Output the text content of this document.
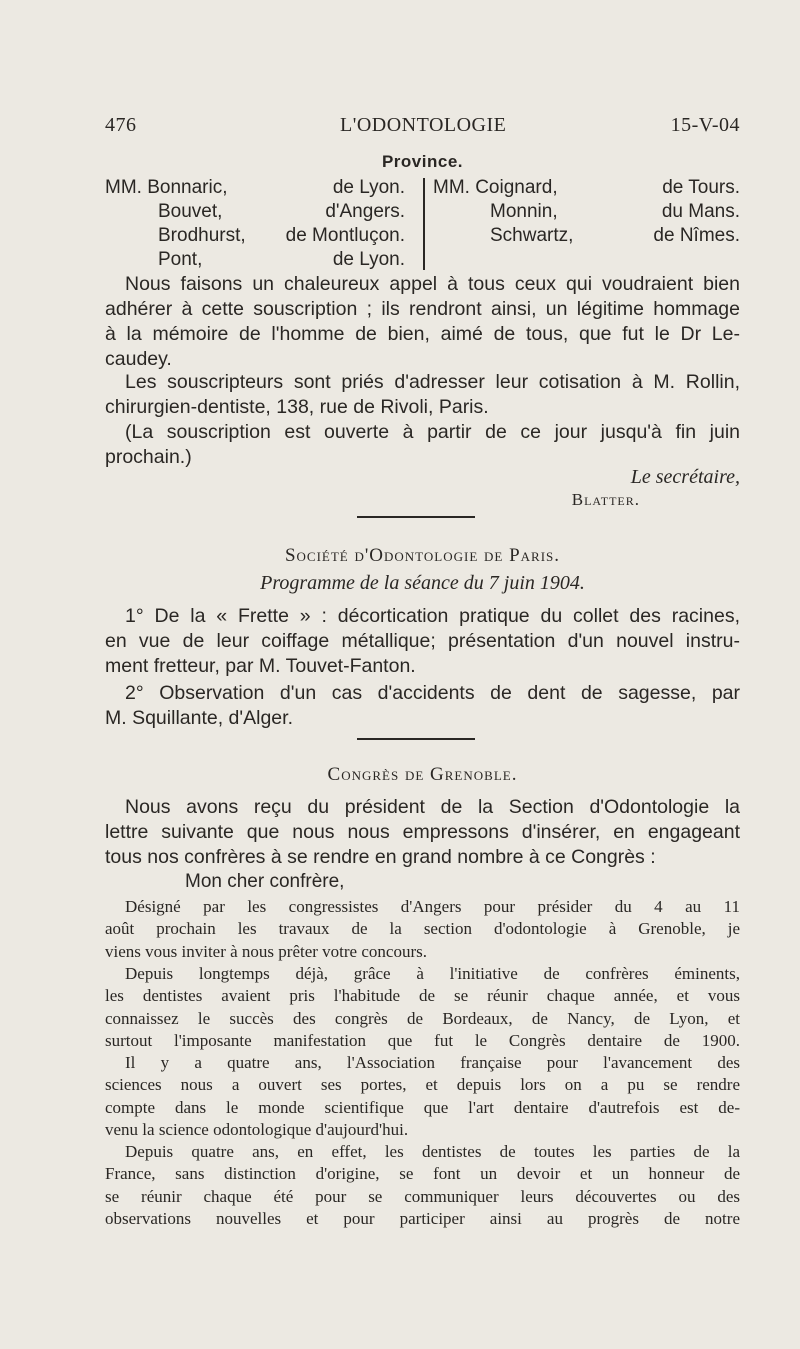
476	L'ODONTOLOGIE	15-V-04
Province.
MM. Bonnaric,	de Lyon.
Bouvet,	d'Angers.
Brodhurst,	de Montluçon.
Pont,	de Lyon.
MM. Coignard,	de Tours.
Monnin,	du Mans.
Schwartz,	de Nîmes.
Nous faisons un chaleureux appel à tous ceux qui voudraient bien
adhérer à cette souscription ; ils rendront ainsi, un légitime hommage
à la mémoire de l'homme de bien, aimé de tous, que fut le Dr Le-
caudey.
Les souscripteurs sont priés d'adresser leur cotisation à M. Rollin,
chirurgien-dentiste, 138, rue de Rivoli, Paris.
(La souscription est ouverte à partir de ce jour jusqu'à fin juin
prochain.)
Le secrétaire,
Blatter.
Société d'Odontologie de Paris.
Programme de la séance du 7 juin 1904.
1° De la « Frette » : décortication pratique du collet des racines,
en vue de leur coiffage métallique; présentation d'un nouvel instru-
ment fretteur, par M. Touvet-Fanton.
2° Observation d'un cas d'accidents de dent de sagesse, par
M. Squillante, d'Alger.
Congrès de Grenoble.
Nous avons reçu du président de la Section d'Odontologie la
lettre suivante que nous nous empressons d'insérer, en engageant
tous nos confrères à se rendre en grand nombre à ce Congrès :
Mon cher confrère,
Désigné par les congressistes d'Angers pour présider du 4 au 11
août prochain les travaux de la section d'odontologie à Grenoble, je
viens vous inviter à nous prêter votre concours.
Depuis longtemps déjà, grâce à l'initiative de confrères éminents,
les dentistes avaient pris l'habitude de se réunir chaque année, et vous
connaissez le succès des congrès de Bordeaux, de Nancy, de Lyon, et
surtout l'imposante manifestation que fut le Congrès dentaire de 1900.
Il y a quatre ans, l'Association française pour l'avancement des
sciences nous a ouvert ses portes, et depuis lors on a pu se rendre
compte dans le monde scientifique que l'art dentaire d'autrefois est de-
venu la science odontologique d'aujourd'hui.
Depuis quatre ans, en effet, les dentistes de toutes les parties de la
France, sans distinction d'origine, se font un devoir et un honneur de
se réunir chaque été pour se communiquer leurs découvertes ou des
observations nouvelles et pour participer ainsi au progrès de notre
